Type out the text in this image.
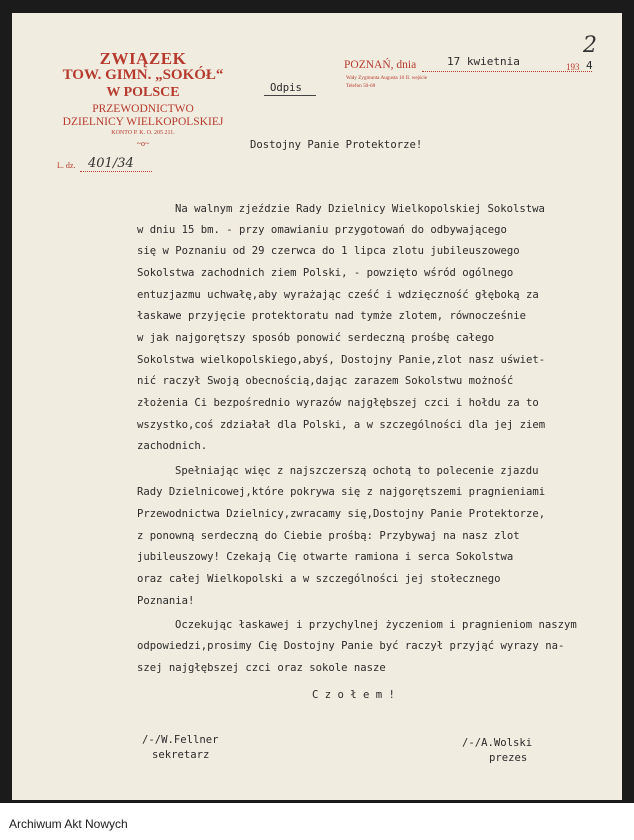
ZWIĄZEK
TOW. GIMN. „SOKÓŁ“
W POLSCE
PRZEWODNICTWO
DZIELNICY WIELKOPOLSKIEJ
KONTO P. K. O. 205 211.
~o~
L. dz. 401/34
POZNAŃ, dnia	17 kwietnia	193 4
Wały Zygmunta Augusta 10 II. wejście
Telefon 50-68
2
Odpis
Dostojny Panie Protektorze!
Na walnym zjeździe Rady Dzielnicy Wielkopolskiej Sokolstwa
w dniu 15 bm. - przy omawianiu przygotowań do odbywającego
się w Poznaniu od 29 czerwca do 1 lipca zlotu jubileuszowego
Sokolstwa zachodnich ziem Polski, - powzięto wśród ogólnego
entuzjazmu uchwałę,aby wyrażając cześć i wdzięczność głęboką za
łaskawe przyjęcie protektoratu nad tymże zlotem, równocześnie
w jak najgorętszy sposób ponowić serdeczną prośbę całego
Sokolstwa wielkopolskiego,abyś, Dostojny Panie,zlot nasz uświet-
nić raczył Swoją obecnością,dając zarazem Sokolstwu możność
złożenia Ci bezpośrednio wyrazów najgłębszej czci i hołdu za to
wszystko,coś zdziałał dla Polski, a w szczególności dla jej ziem
zachodnich.
Spełniając więc z najszczerszą ochotą to polecenie zjazdu
Rady Dzielnicowej,które pokrywa się z najgorętszemi pragnieniami
Przewodnictwa Dzielnicy,zwracamy się,Dostojny Panie Protektorze,
z ponowną serdeczną do Ciebie prośbą: Przybywaj na nasz zlot
jubileuszowy! Czekają Cię otwarte ramiona i serca Sokolstwa
oraz całej Wielkopolski a w szczególności jej stołecznego
Poznania!
Oczekując łaskawej i przychylnej życzeniom i pragnieniom naszym
odpowiedzi,prosimy Cię Dostojny Panie być raczył przyjąć wyrazy na-
szej najgłębszej czci oraz sokole nasze
C z o ł e m !
/-/W.Fellner
sekretarz
/-/A.Wolski
prezes
Archiwum Akt Nowych
